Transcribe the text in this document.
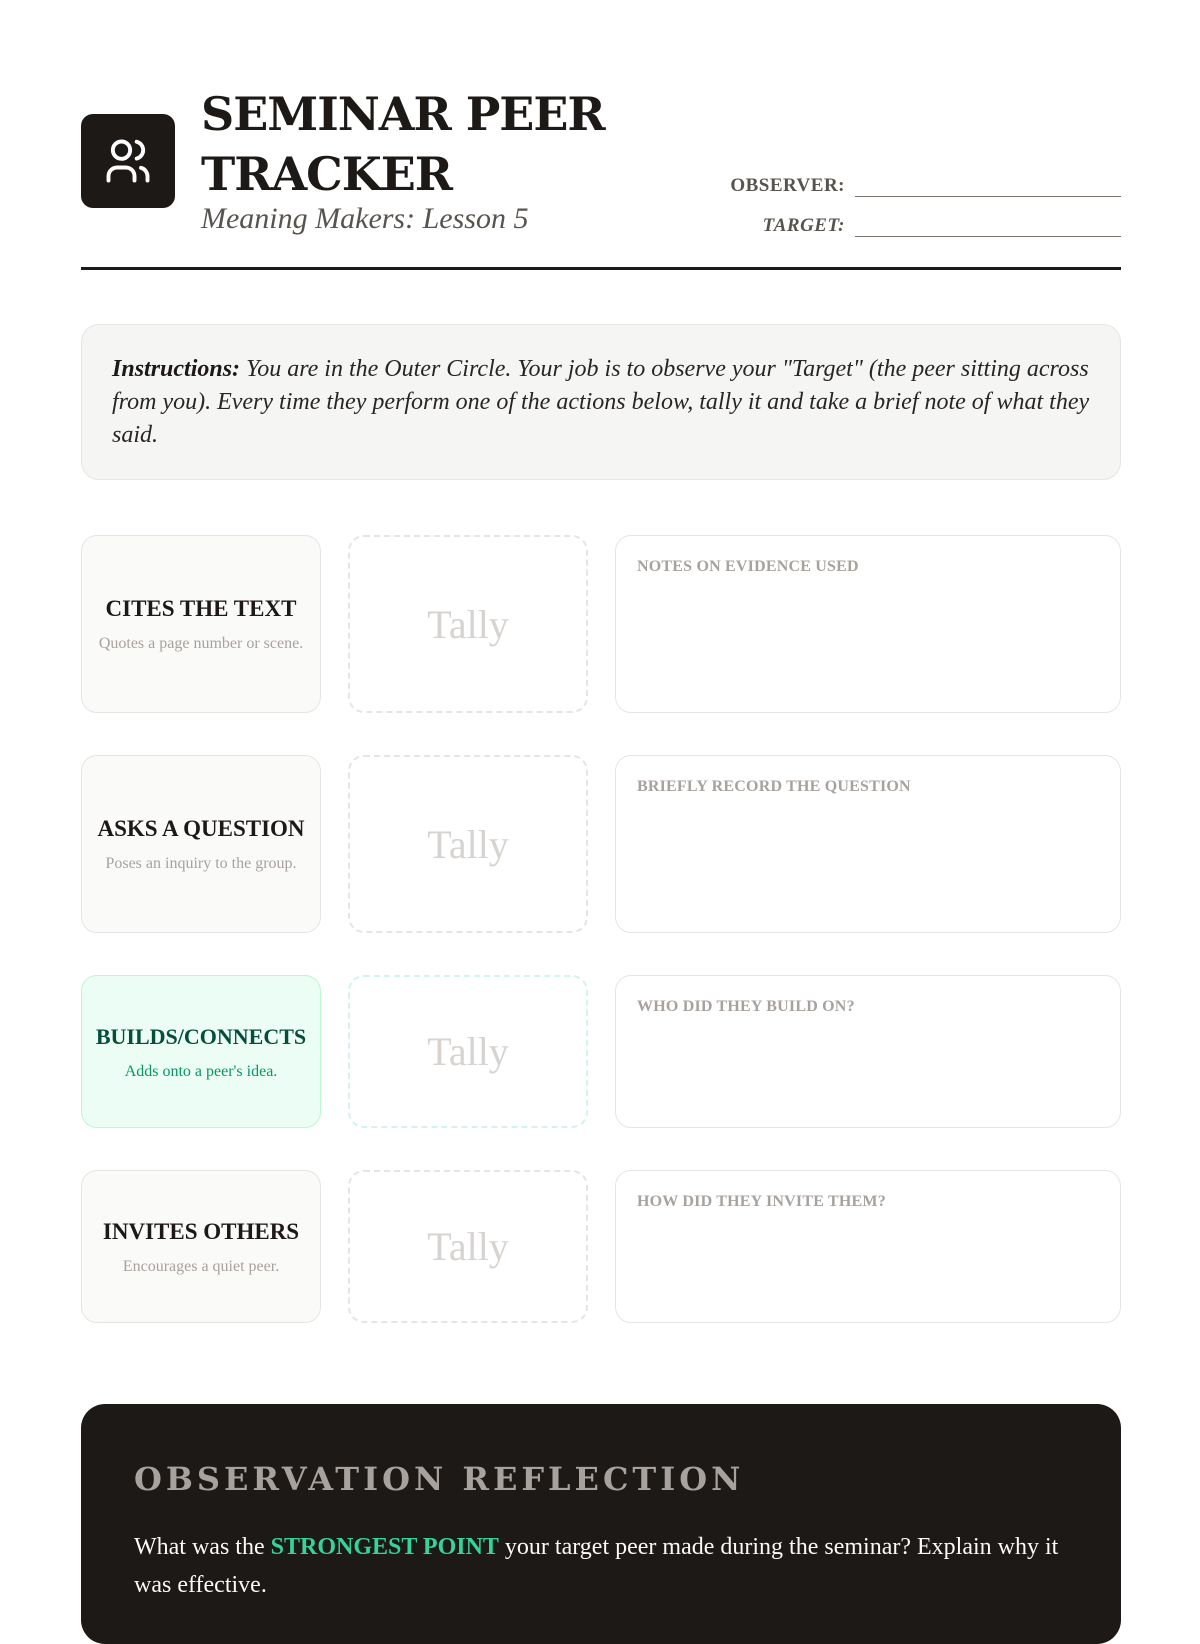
SEMINAR PEER
TRACKER
Meaning Makers: Lesson 5
OBSERVER:
TARGET:
Instructions: You are in the Outer Circle. Your job is to observe your "Target" (the peer sitting across from you). Every time they perform one of the actions below, tally it and take a brief note of what they said.
CITES THE TEXT
Quotes a page number or scene.	Tally
NOTES ON EVIDENCE USED
ASKS A QUESTION
Poses an inquiry to the group.	Tally
BRIEFLY RECORD THE QUESTION
BUILDS/CONNECTS
Adds onto a peer's idea.	Tally
WHO DID THEY BUILD ON?
INVITES OTHERS
Encourages a quiet peer.	Tally
HOW DID THEY INVITE THEM?
OBSERVATION REFLECTION
What was the STRONGEST POINT your target peer made during the seminar? Explain why it was effective.
